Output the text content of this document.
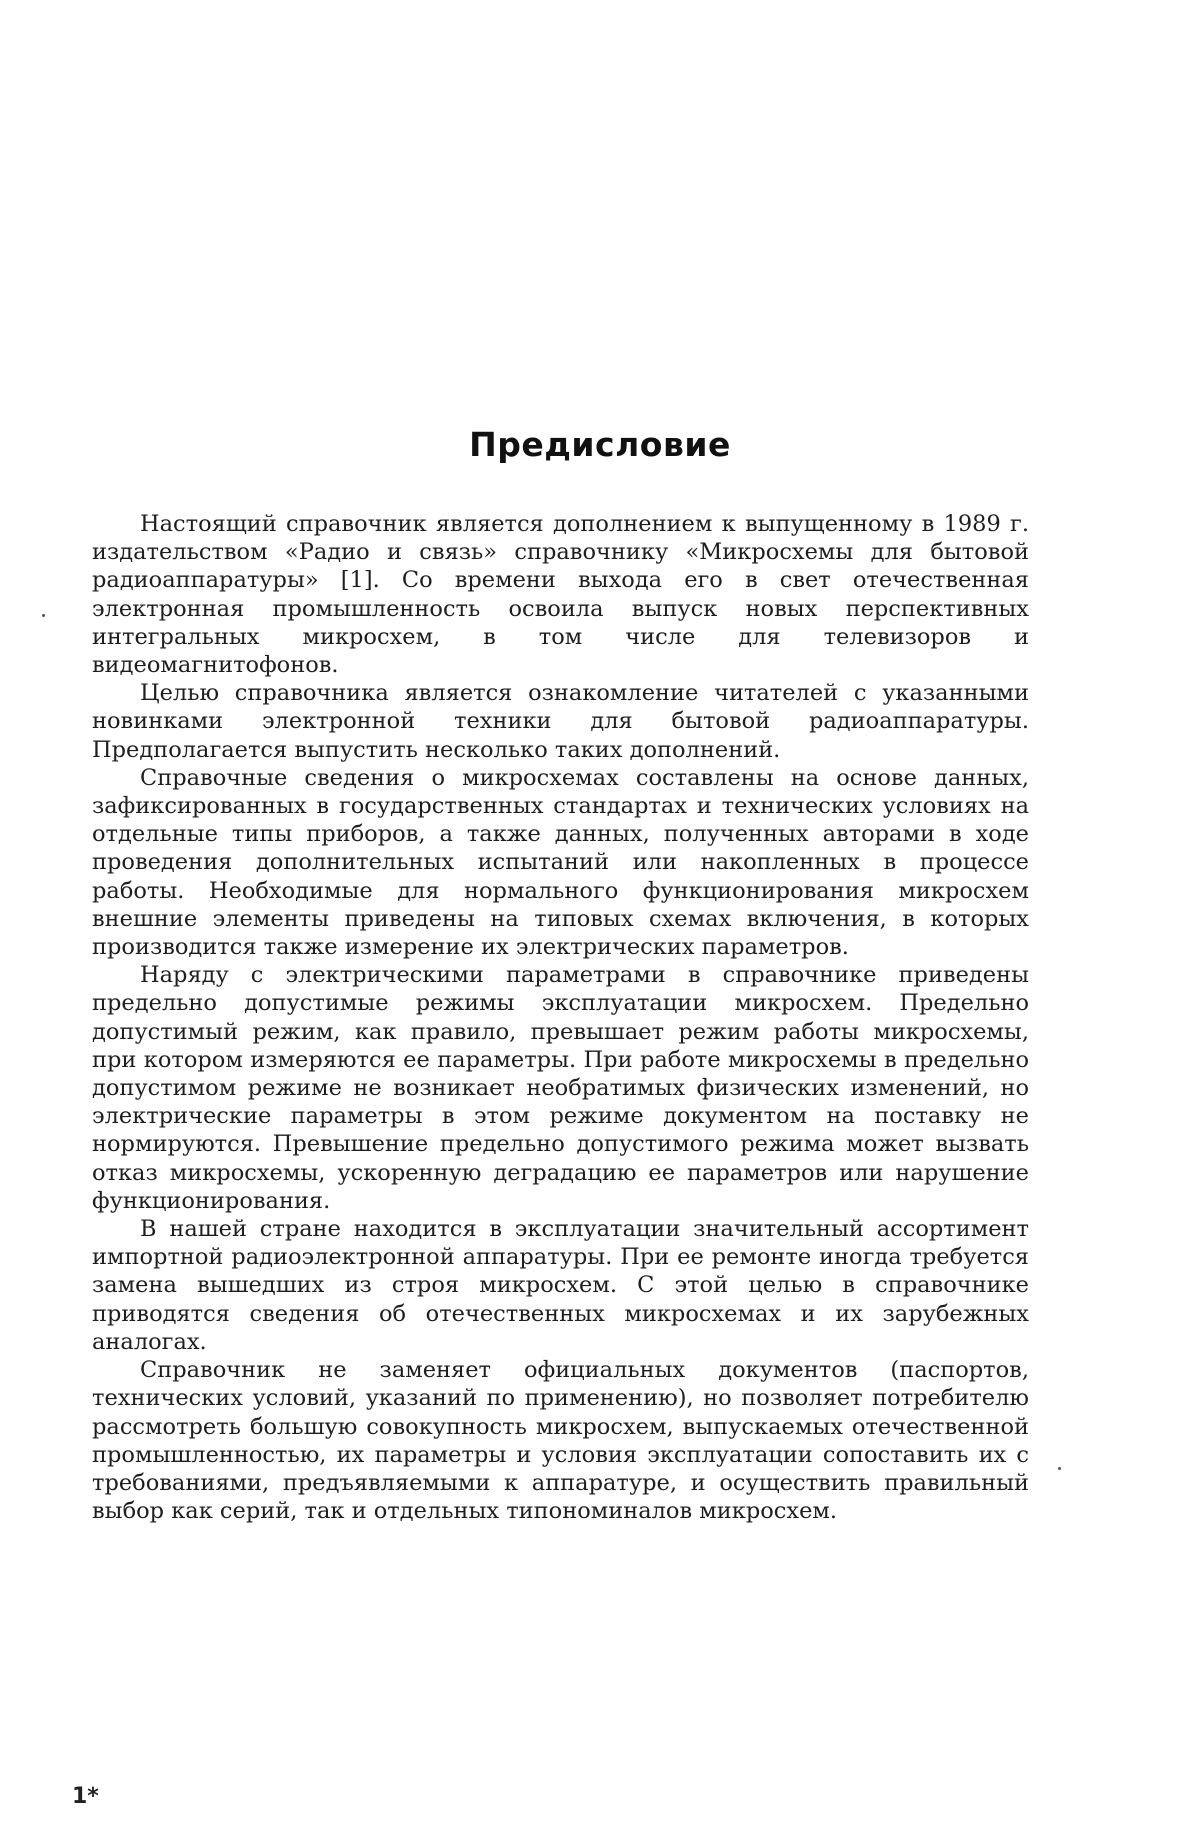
Предисловие

Настоящий справочник является дополнением к выпущенному в 1989 г. издательством «Радио и связь» справочнику «Микросхемы для бытовой радиоаппаратуры» [1]. Со времени выхода его в свет отечественная электронная промышленность освоила выпуск новых перспективных интегральных микросхем, в том числе для телевизоров и видеомагнитофонов.

Целью справочника является ознакомление читателей с указанными новинками электронной техники для бытовой радиоаппаратуры. Предполагается выпустить несколько таких дополнений.

Справочные сведения о микросхемах составлены на основе данных, зафиксированных в государственных стандартах и технических условиях на отдельные типы приборов, а также данных, полученных авторами в ходе проведения дополнительных испытаний или накопленных в процессе работы. Необходимые для нормального функционирования микросхем внешние элементы приведены на типовых схемах включения, в которых производится также измерение их электрических параметров.

Наряду с электрическими параметрами в справочнике приведены предельно допустимые режимы эксплуатации микросхем. Предельно допустимый режим, как правило, превышает режим работы микросхемы, при котором измеряются ее параметры. При работе микросхемы в предельно допустимом режиме не возникает необратимых физических изменений, но электрические параметры в этом режиме документом на поставку не нормируются. Превышение предельно допустимого режима может вызвать отказ микросхемы, ускоренную деградацию ее параметров или нарушение функционирования.

В нашей стране находится в эксплуатации значительный ассортимент импортной радиоэлектронной аппаратуры. При ее ремонте иногда требуется замена вышедших из строя микросхем. С этой целью в справочнике приводятся сведения об отечественных микросхемах и их зарубежных аналогах.

Справочник не заменяет официальных документов (паспортов, технических условий, указаний по применению), но позволяет потребителю рассмотреть большую совокупность микросхем, выпускаемых отечественной промышленностью, их параметры и условия эксплуатации сопоставить их с требованиями, предъявляемыми к аппаратуре, и осуществить правильный выбор как серий, так и отдельных типономиналов микросхем.

1*
